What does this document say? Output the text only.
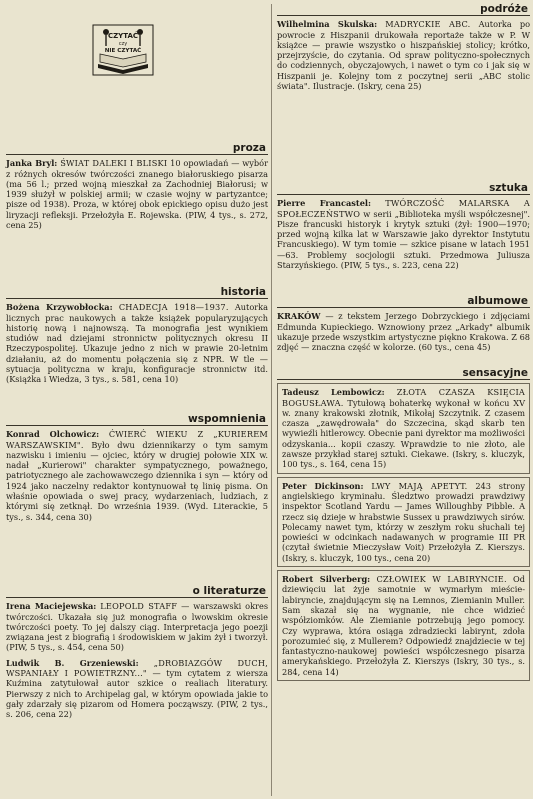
CZYTAĆ
czy
NIE CZYTAĆ
proza
Janka Bryl: ŚWIAT DALEKI I BLISKI 10 opowiadań — wybór z różnych okresów twórczości znanego białoruskiego pisarza (ma 56 l.; przed wojną mieszkał za Zachodniej Białorusi; w 1939 służył w polskiej armii; w czasie wojny w partyzantce; pisze od 1938). Proza, w której obok epickiego opisu dużo jest liryzacji refleksji. Przełożyła E. Rojewska. (PIW, 4 tys., s. 272, cena 25)
historia
Bożena Krzywobłocka: CHADECJA 1918—1937. Autorka licznych prac naukowych a także książek popularyzujących historię nową i najnowszą. Ta monografia jest wynikiem studiów nad dziejami stronnictw politycznych okresu II Rzeczypospolitej. Ukazuje jedno z nich w prawie 20-letnim działaniu, aż do momentu połączenia się z NPR. W tle — sytuacja polityczna w kraju, konfiguracje stronnictw itd. (Książka i Wiedza, 3 tys., s. 581, cena 10)
wspomnienia
Konrad Olchowicz: ĆWIERĆ WIEKU Z „KURIEREM WARSZAWSKIM". Było dwu dziennikarzy o tym samym nazwisku i imieniu — ojciec, który w drugiej połowie XIX w. nadał „Kurierowi" charakter sympatycznego, poważnego, patriotycznego ale zachowawczego dziennika i syn — który od 1924 jako naczelny redaktor kontynuował tę linię pisma. On właśnie opowiada o swej pracy, wydarzeniach, ludziach, z którymi się zetknął. Do września 1939. (Wyd. Literackie, 5 tys., s. 344, cena 30)
o literaturze
Irena Maciejewska: LEOPOLD STAFF — warszawski okres twórczości. Ukazała się już monografia o lwowskim okresie twórczości poety. To jej dalszy ciąg. Interpretacja jego poezji związana jest z biografią i środowiskiem w jakim żył i tworzył. (PIW, 5 tys., s. 454, cena 50)
Ludwik B. Grzeniewski: „DROBIAZGÓW DUCH, WSPANIAŁY I POWIETRZNY..." — tym cytatem z wiersza Kuźmina zatytułował autor szkice o realiach literatury. Pierwszy z nich to Archipelag gal, w którym opowiada jakie to gały zdarzały się pizarom od Homera począwszy. (PIW, 2 tys., s. 206, cena 22)
podróże
Wilhelmina Skulska: MADRYCKIE ABC. Autorka po powrocie z Hiszpanii drukowała reportaże także w P. W książce — prawie wszystko o hiszpańskiej stolicy; krótko, przejrzyście, do czytania. Od spraw polityczno-społecznych do codziennych, obyczajowych, i nawet o tym co i jak się w Hiszpanii je. Kolejny tom z poczytnej serii „ABC stolic świata". Ilustracje. (Iskry, cena 25)
sztuka
Pierre Francastel: TWÓRCZOŚĆ MALARSKA A SPOŁECZEŃSTWO w serii „Biblioteka myśli współczesnej". Pisze francuski historyk i krytyk sztuki (żył: 1900—1970; przed wojną kilka lat w Warszawie jako dyrektor Instytutu Francuskiego). W tym tomie — szkice pisane w latach 1951—63. Problemy socjologii sztuki. Przedmowa Juliusza Starzyńskiego. (PIW, 5 tys., s. 223, cena 22)
albumowe
KRAKÓW — z tekstem Jerzego Dobrzyckiego i zdjęciami Edmunda Kupieckiego. Wznowiony przez „Arkady" albumik ukazuje przede wszystkim artystyczne piękno Krakowa. Z 68 zdjęć — znaczna część w kolorze. (60 tys., cena 45)
sensacyjne
Tadeusz Lembowicz: ZŁOTA CZASZA KSIĘCIA BOGUSŁAWA. Tytułową bohaterkę wykonał w końcu XV w. znany krakowski złotnik, Mikołaj Szczytnik. Z czasem czasza „zawędrowała" do Szczecina, skąd skarb ten wywieźli hitlerowcy. Obecnie pani dyrektor ma możliwości odzyskania... kopii czaszy. Wprawdzie to nie złoto, ale zawsze przykład starej sztuki. Ciekawe. (Iskry, s. kluczyk, 100 tys., s. 164, cena 15)
Peter Dickinson: LWY MAJĄ APETYT. 243 strony angielskiego kryminału. Śledztwo prowadzi prawdziwy inspektor Scotland Yardu — James Willoughby Pibble. A rzecz się dzieje w hrabstwie Sussex u prawdziwych sirów. Polecamy nawet tym, którzy w zeszłym roku słuchali tej powieści w odcinkach nadawanych w programie III PR (czytał świetnie Mieczysław Voit) Przełożyła Z. Kierszys. (Iskry, s. kluczyk, 100 tys., cena 20)
Robert Silverberg: CZŁOWIEK W LABIRYNCIE. Od dziewięciu lat żyje samotnie w wymarłym mieście-labiryncie, znajdującym się na Lemnos, Ziemianin Muller. Sam skazał się na wygnanie, nie chce widzieć współziomków. Ale Ziemianie potrzebują jego pomocy. Czy wyprawa, która osiąga zdradziecki labirynt, zdoła porozumieć się, z Mullerem? Odpowiedź znajdziecie w tej fantastyczno-naukowej powieści współczesnego pisarza amerykańskiego. Przełożyła Z. Kierszys (Iskry, 30 tys., s. 284, cena 14)
